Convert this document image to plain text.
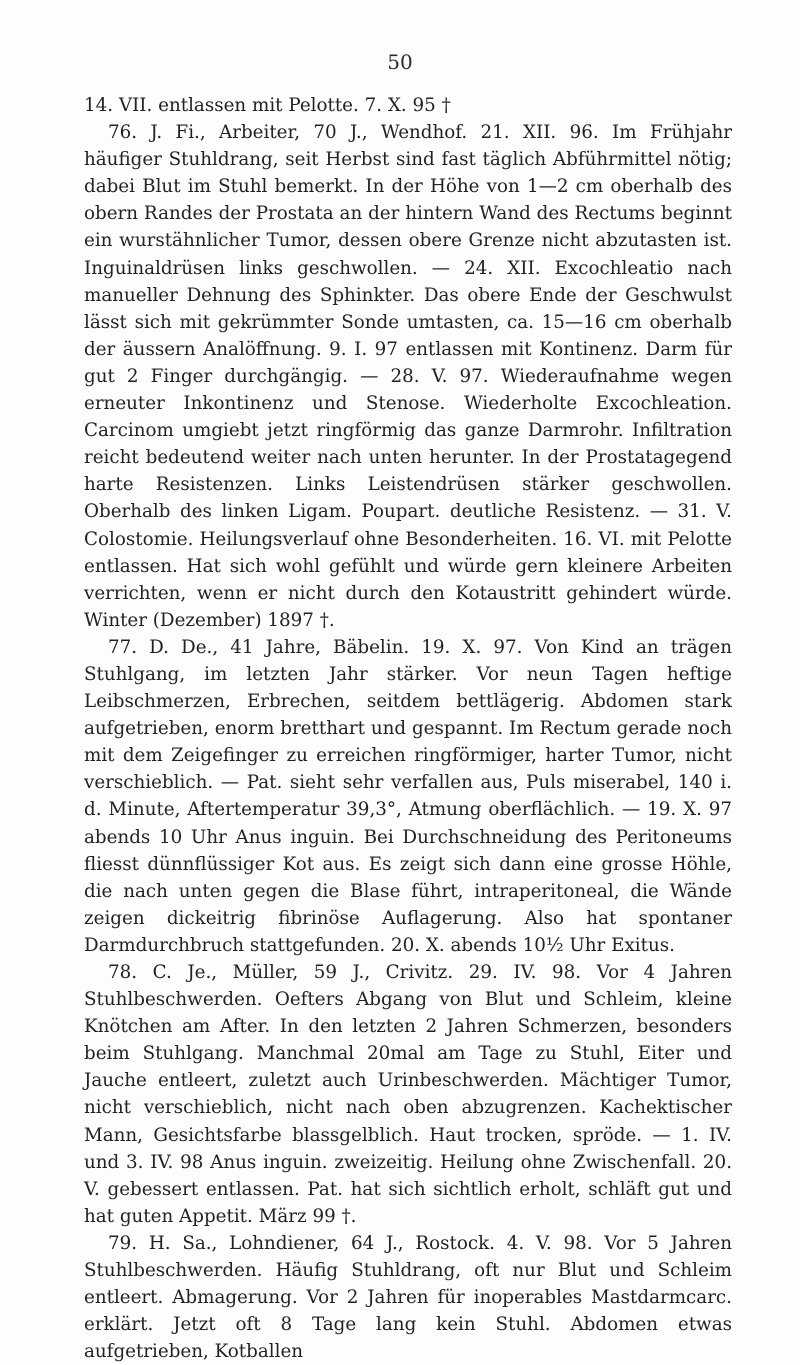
50

14. VII. entlassen mit Pelotte. 7. X. 95 †

76. J. Fi., Arbeiter, 70 J., Wendhof. 21. XII. 96. Im Frühjahr häufiger Stuhldrang, seit Herbst sind fast täglich Abführmittel nötig; dabei Blut im Stuhl bemerkt. In der Höhe von 1—2 cm oberhalb des obern Randes der Prostata an der hintern Wand des Rectums beginnt ein wurstähnlicher Tumor, dessen obere Grenze nicht abzutasten ist. Inguinaldrüsen links geschwollen. — 24. XII. Excochleatio nach manueller Dehnung des Sphinkter. Das obere Ende der Geschwulst lässt sich mit gekrümmter Sonde umtasten, ca. 15—16 cm oberhalb der äussern Analöffnung. 9. I. 97 entlassen mit Kontinenz. Darm für gut 2 Finger durchgängig. — 28. V. 97. Wiederaufnahme wegen erneuter Inkontinenz und Stenose. Wiederholte Excochleation. Carcinom umgiebt jetzt ringförmig das ganze Darmrohr. Infiltration reicht bedeutend weiter nach unten herunter. In der Prostatagegend harte Resistenzen. Links Leistendrüsen stärker geschwollen. Oberhalb des linken Ligam. Poupart. deutliche Resistenz. — 31. V. Colostomie. Heilungsverlauf ohne Besonderheiten. 16. VI. mit Pelotte entlassen. Hat sich wohl gefühlt und würde gern kleinere Arbeiten verrichten, wenn er nicht durch den Kotaustritt gehindert würde. Winter (Dezember) 1897 †.

77. D. De., 41 Jahre, Bäbelin. 19. X. 97. Von Kind an trägen Stuhlgang, im letzten Jahr stärker. Vor neun Tagen heftige Leibschmerzen, Erbrechen, seitdem bettlägerig. Abdomen stark aufgetrieben, enorm bretthart und gespannt. Im Rectum gerade noch mit dem Zeigefinger zu erreichen ringförmiger, harter Tumor, nicht verschieblich. — Pat. sieht sehr verfallen aus, Puls miserabel, 140 i. d. Minute, Aftertemperatur 39,3°, Atmung oberflächlich. — 19. X. 97 abends 10 Uhr Anus inguin. Bei Durchschneidung des Peritoneums fliesst dünnflüssiger Kot aus. Es zeigt sich dann eine grosse Höhle, die nach unten gegen die Blase führt, intraperitoneal, die Wände zeigen dickeitrig fibrinöse Auflagerung. Also hat spontaner Darmdurchbruch stattgefunden. 20. X. abends 10½ Uhr Exitus.

78. C. Je., Müller, 59 J., Crivitz. 29. IV. 98. Vor 4 Jahren Stuhlbeschwerden. Oefters Abgang von Blut und Schleim, kleine Knötchen am After. In den letzten 2 Jahren Schmerzen, besonders beim Stuhlgang. Manchmal 20mal am Tage zu Stuhl, Eiter und Jauche entleert, zuletzt auch Urinbeschwerden. Mächtiger Tumor, nicht verschieblich, nicht nach oben abzugrenzen. Kachektischer Mann, Gesichtsfarbe blassgelblich. Haut trocken, spröde. — 1. IV. und 3. IV. 98 Anus inguin. zweizeitig. Heilung ohne Zwischenfall. 20. V. gebessert entlassen. Pat. hat sich sichtlich erholt, schläft gut und hat guten Appetit. März 99 †.

79. H. Sa., Lohndiener, 64 J., Rostock. 4. V. 98. Vor 5 Jahren Stuhlbeschwerden. Häufig Stuhldrang, oft nur Blut und Schleim entleert. Abmagerung. Vor 2 Jahren für inoperables Mastdarmcarc. erklärt. Jetzt oft 8 Tage lang kein Stuhl. Abdomen etwas aufgetrieben, Kotballen
